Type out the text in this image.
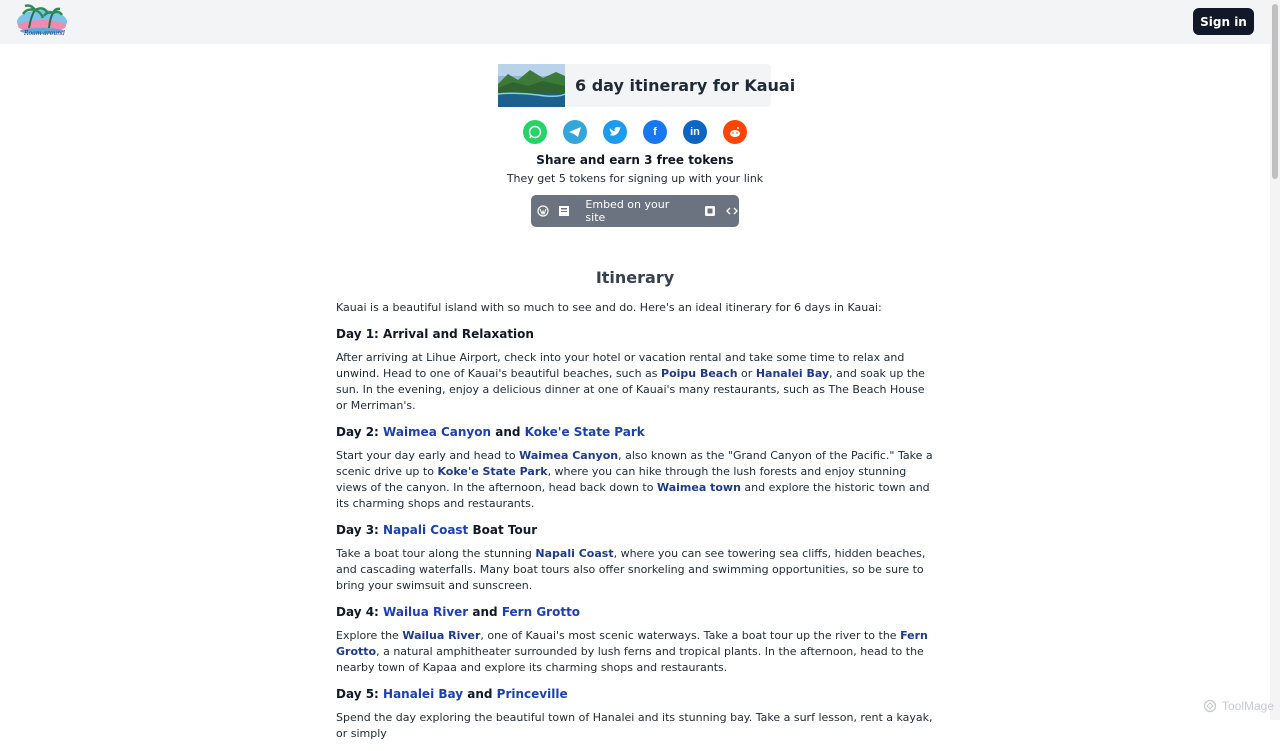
Roam around
Sign in
6 day itinerary for Kauai
f	in
Share and earn 3 free tokens
They get 5 tokens for signing up with your link
Embed on your site
Itinerary

Kauai is a beautiful island with so much to see and do. Here's an ideal itinerary for 6 days in Kauai:

Day 1: Arrival and Relaxation

After arriving at Lihue Airport, check into your hotel or vacation rental and take some time to relax and unwind. Head to one of Kauai's beautiful beaches, such as Poipu Beach or Hanalei Bay, and soak up the sun. In the evening, enjoy a delicious dinner at one of Kauai's many restaurants, such as The Beach House or Merriman's.

Day 2: Waimea Canyon and Koke'e State Park

Start your day early and head to Waimea Canyon, also known as the "Grand Canyon of the Pacific." Take a scenic drive up to Koke'e State Park, where you can hike through the lush forests and enjoy stunning views of the canyon. In the afternoon, head back down to Waimea town and explore the historic town and its charming shops and restaurants.

Day 3: Napali Coast Boat Tour

Take a boat tour along the stunning Napali Coast, where you can see towering sea cliffs, hidden beaches, and cascading waterfalls. Many boat tours also offer snorkeling and swimming opportunities, so be sure to bring your swimsuit and sunscreen.

Day 4: Wailua River and Fern Grotto

Explore the Wailua River, one of Kauai's most scenic waterways. Take a boat tour up the river to the Fern Grotto, a natural amphitheater surrounded by lush ferns and tropical plants. In the afternoon, head to the nearby town of Kapaa and explore its charming shops and restaurants.

Day 5: Hanalei Bay and Princeville

Spend the day exploring the beautiful town of Hanalei and its stunning bay. Take a surf lesson, rent a kayak, or simply

ToolMage
